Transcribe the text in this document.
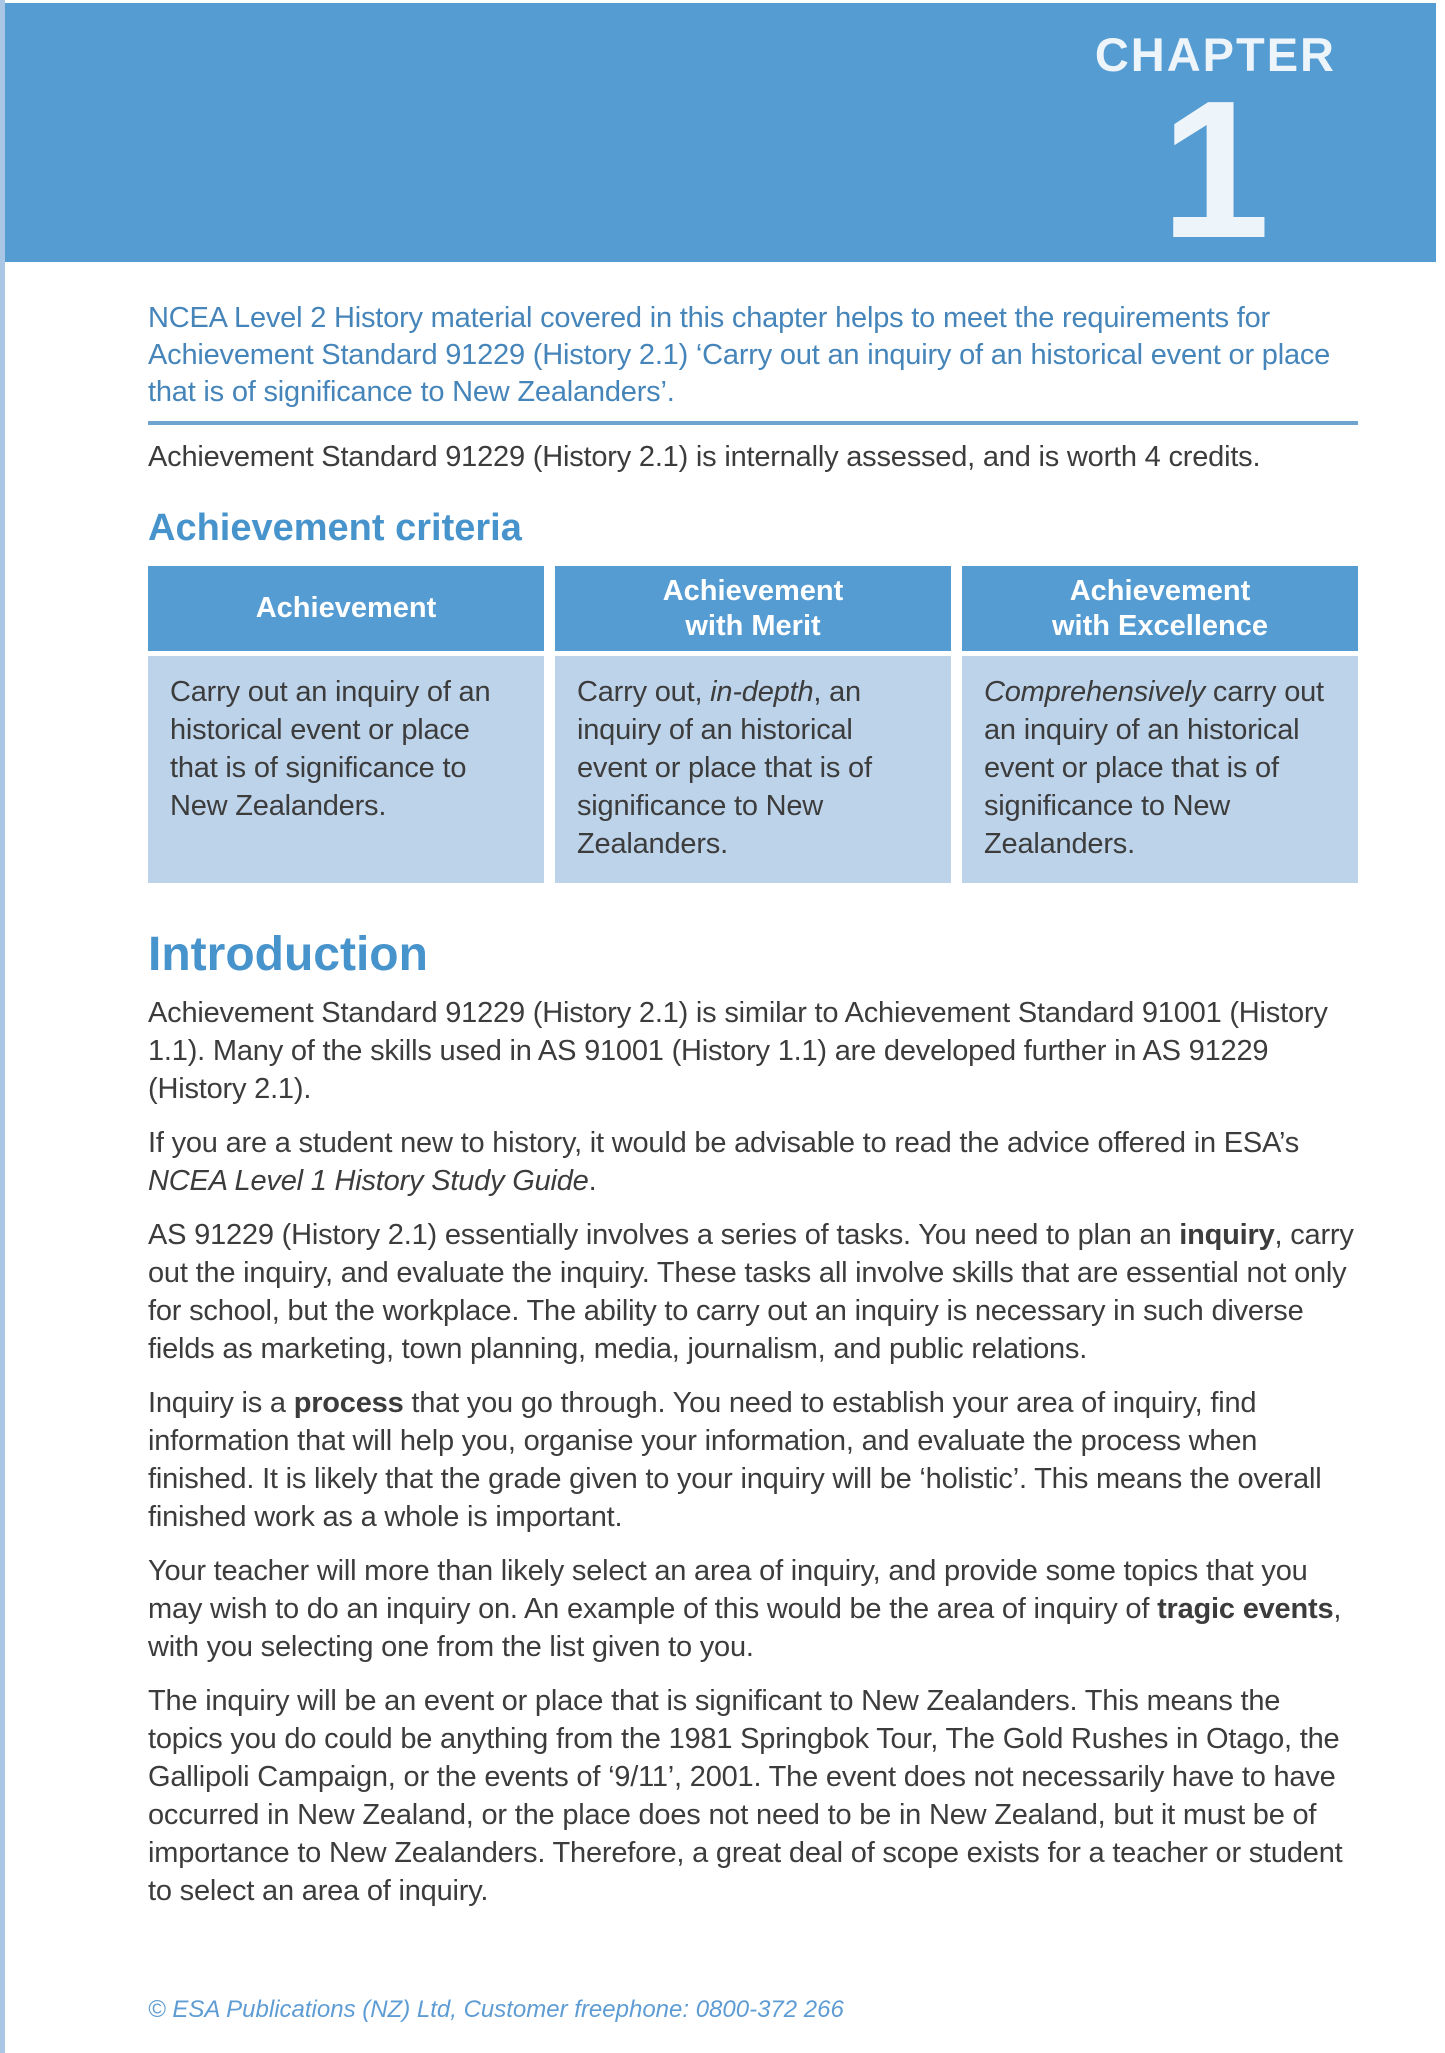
CHAPTER
1

NCEA Level 2 History material covered in this chapter helps to meet the requirements for Achievement Standard 91229 (History 2.1) ‘Carry out an inquiry of an historical event or place that is of significance to New Zealanders’.

Achievement Standard 91229 (History 2.1) is internally assessed, and is worth 4 credits.

Achievement criteria
Achievement
Achievement
with Merit
Achievement
with Excellence
Carry out an inquiry of an historical event or place that is of significance to New Zealanders.
Carry out, in-depth, an inquiry of an historical event or place that is of significance to New Zealanders.
Comprehensively carry out an inquiry of an historical event or place that is of significance to New Zealanders.
Introduction

Achievement Standard 91229 (History 2.1) is similar to Achievement Standard 91001 (History 1.1). Many of the skills used in AS 91001 (History 1.1) are developed further in AS 91229 (History 2.1).

If you are a student new to history, it would be advisable to read the advice offered in ESA’s NCEA Level 1 History Study Guide.

AS 91229 (History 2.1) essentially involves a series of tasks. You need to plan an inquiry, carry out the inquiry, and evaluate the inquiry. These tasks all involve skills that are essential not only for school, but the workplace. The ability to carry out an inquiry is necessary in such diverse fields as marketing, town planning, media, journalism, and public relations.

Inquiry is a process that you go through. You need to establish your area of inquiry, find information that will help you, organise your information, and evaluate the process when finished. It is likely that the grade given to your inquiry will be ‘holistic’. This means the overall finished work as a whole is important.

Your teacher will more than likely select an area of inquiry, and provide some topics that you may wish to do an inquiry on. An example of this would be the area of inquiry of tragic events, with you selecting one from the list given to you.

The inquiry will be an event or place that is significant to New Zealanders. This means the topics you do could be anything from the 1981 Springbok Tour, The Gold Rushes in Otago, the Gallipoli Campaign, or the events of ‘9/11’, 2001. The event does not necessarily have to have occurred in New Zealand, or the place does not need to be in New Zealand, but it must be of importance to New Zealanders. Therefore, a great deal of scope exists for a teacher or student to select an area of inquiry.

© ESA Publications (NZ) Ltd, Customer freephone: 0800-372 266
